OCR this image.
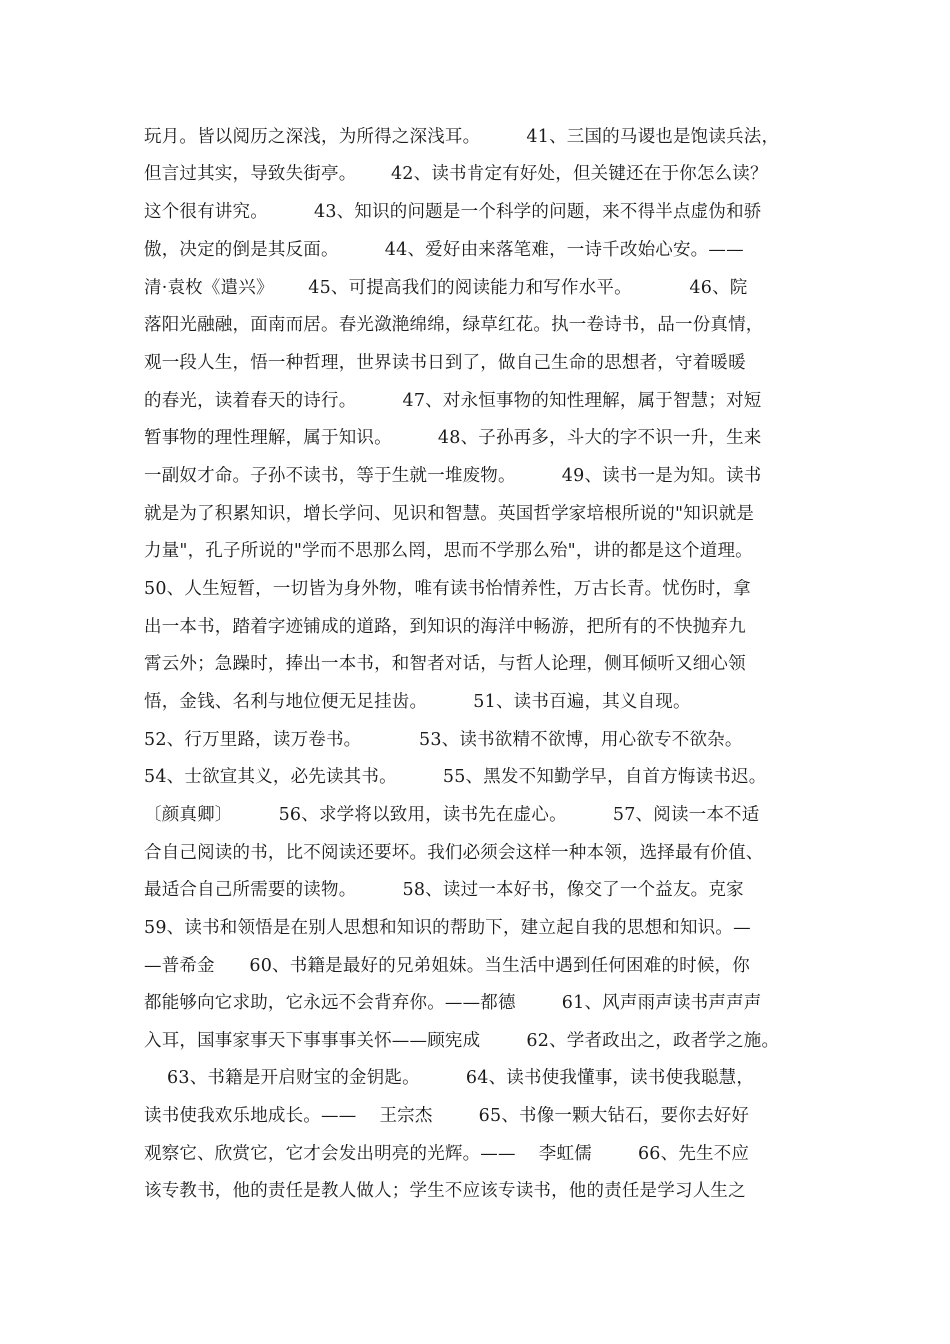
玩月。皆以阅历之深浅，为所得之深浅耳。        41、三国的马谡也是饱读兵法，
但言过其实，导致失街亭。      42、读书肯定有好处，但关键还在于你怎么读？
这个很有讲究。        43、知识的问题是一个科学的问题，来不得半点虚伪和骄
傲，决定的倒是其反面。        44、爱好由来落笔难，一诗千改始心安。——
清·袁枚《遣兴》      45、可提高我们的阅读能力和写作水平。          46、院
落阳光融融，面南而居。春光潋滟绵绵，绿草红花。执一卷诗书，品一份真情，
观一段人生，悟一种哲理，世界读书日到了，做自己生命的思想者，守着暖暖
的春光，读着春天的诗行。        47、对永恒事物的知性理解，属于智慧；对短
暂事物的理性理解，属于知识。        48、子孙再多，斗大的字不识一升，生来
一副奴才命。子孙不读书，等于生就一堆废物。        49、读书一是为知。读书
就是为了积累知识，增长学问、见识和智慧。英国哲学家培根所说的"知识就是
力量"，孔子所说的"学而不思那么罔，思而不学那么殆"，讲的都是这个道理。
50、人生短暂，一切皆为身外物，唯有读书怡情养性，万古长青。忧伤时，拿
出一本书，踏着字迹铺成的道路，到知识的海洋中畅游，把所有的不快抛弃九
霄云外；急躁时，捧出一本书，和智者对话，与哲人论理，侧耳倾听又细心领
悟，金钱、名利与地位便无足挂齿。        51、读书百遍，其义自现。
52、行万里路，读万卷书。          53、读书欲精不欲博，用心欲专不欲杂。
54、士欲宣其义，必先读其书。        55、黑发不知勤学早，自首方悔读书迟。
〔颜真卿〕        56、求学将以致用，读书先在虚心。        57、阅读一本不适
合自己阅读的书，比不阅读还要坏。我们必须会这样一种本领，选择最有价值、
最适合自己所需要的读物。        58、读过一本好书，像交了一个益友。克家
59、读书和领悟是在别人思想和知识的帮助下，建立起自我的思想和知识。—
—普希金      60、书籍是最好的兄弟姐妹。当生活中遇到任何困难的时候，你
都能够向它求助，它永远不会背弃你。——都德        61、风声雨声读书声声声
入耳，国事家事天下事事事关怀——顾宪成        62、学者政出之，政者学之施。
63、书籍是开启财宝的金钥匙。        64、读书使我懂事，读书使我聪慧，
读书使我欢乐地成长。——    王宗杰        65、书像一颗大钻石，要你去好好
观察它、欣赏它，它才会发出明亮的光辉。——    李虹儒        66、先生不应
该专教书，他的责任是教人做人；学生不应该专读书，他的责任是学习人生之
